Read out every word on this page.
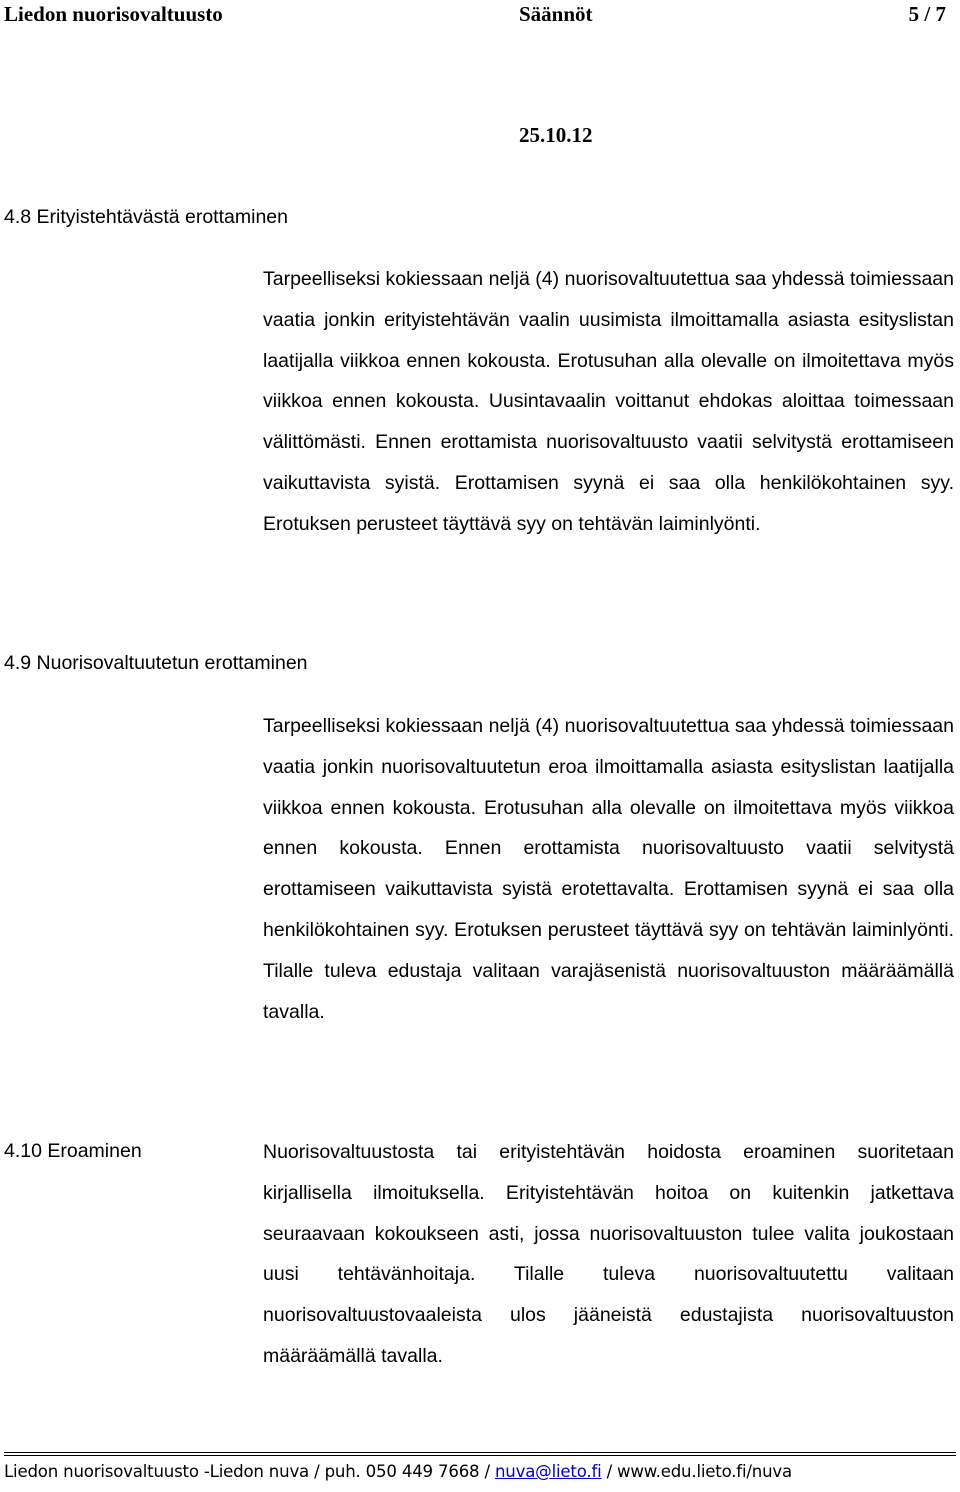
Liedon nuorisovaltuusto	Säännöt	5 / 7
25.10.12
4.8 Erityistehtävästä erottaminen

Tarpeelliseksi kokiessaan neljä (4) nuorisovaltuutettua saa yhdessä toimiessaan vaatia jonkin erityistehtävän vaalin uusimista ilmoittamalla asiasta esityslistan laatijalla viikkoa ennen kokousta. Erotusuhan alla olevalle on ilmoitettava myös viikkoa ennen kokousta. Uusintavaalin voittanut ehdokas aloittaa toimessaan välittömästi. Ennen erottamista nuorisovaltuusto vaatii selvitystä erottamiseen vaikuttavista syistä. Erottamisen syynä ei saa olla henkilökohtainen syy. Erotuksen perusteet täyttävä syy on tehtävän laiminlyönti.

4.9 Nuorisovaltuutetun erottaminen

Tarpeelliseksi kokiessaan neljä (4) nuorisovaltuutettua saa yhdessä toimiessaan vaatia jonkin nuorisovaltuutetun eroa ilmoittamalla asiasta esityslistan laatijalla viikkoa ennen kokousta. Erotusuhan alla olevalle on ilmoitettava myös viikkoa ennen kokousta. Ennen erottamista nuorisovaltuusto vaatii selvitystä erottamiseen vaikuttavista syistä erotettavalta. Erottamisen syynä ei saa olla henkilökohtainen syy. Erotuksen perusteet täyttävä syy on tehtävän laiminlyönti. Tilalle tuleva edustaja valitaan varajäsenistä nuorisovaltuuston määräämällä tavalla.

4.10 Eroaminen	Nuorisovaltuustosta tai erityistehtävän hoidosta eroaminen suoritetaan kirjallisella ilmoituksella. Erityistehtävän hoitoa on kuitenkin jatkettava seuraavaan kokoukseen asti, jossa nuorisovaltuuston tulee valita joukostaan uusi tehtävänhoitaja. Tilalle tuleva nuorisovaltuutettu valitaan nuorisovaltuustovaaleista ulos jääneistä edustajista nuorisovaltuuston määräämällä tavalla.

Liedon nuorisovaltuusto -Liedon nuva / puh. 050 449 7668 / nuva@lieto.fi / www.edu.lieto.fi/nuva
